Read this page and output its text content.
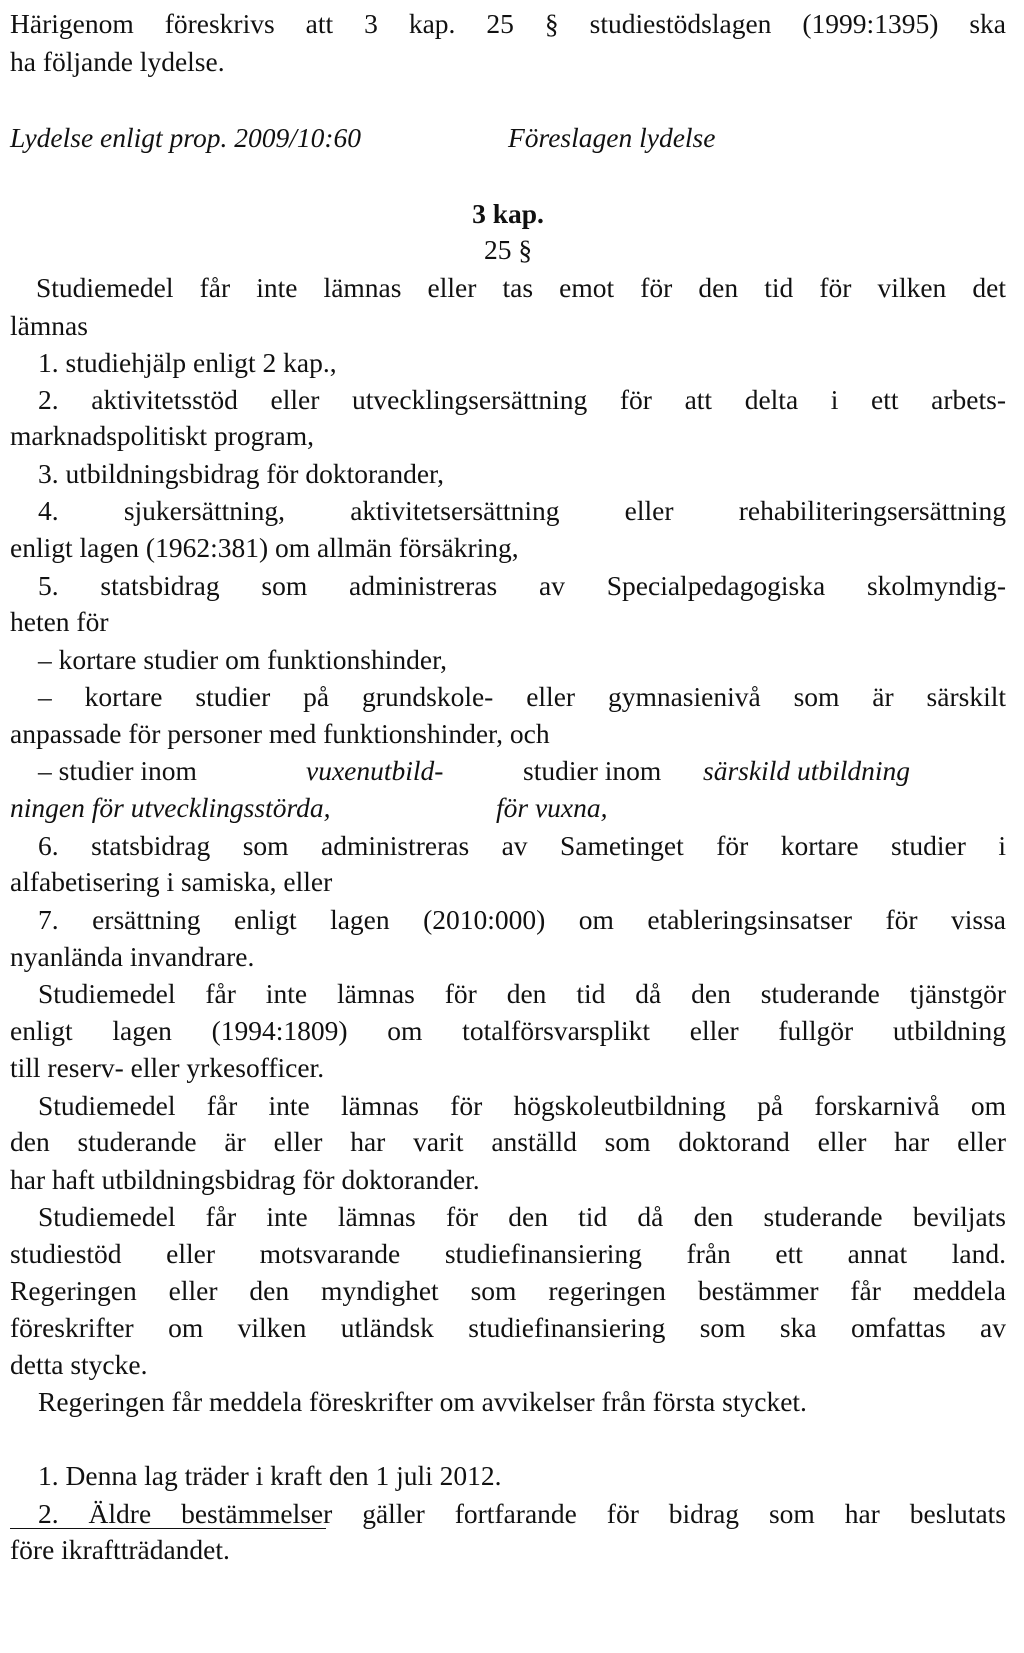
Härigenom föreskrivs att 3 kap. 25 § studiestödslagen (1999:1395) ska
ha följande lydelse.
Lydelse enligt prop. 2009/10:60	Föreslagen lydelse
3 kap.
25 §
Studiemedel får inte lämnas eller tas emot för den tid för vilken det
lämnas
1. studiehjälp enligt 2 kap.,
2. aktivitetsstöd eller utvecklingsersättning för att delta i ett arbets-
marknadspolitiskt program,
3. utbildningsbidrag för doktorander,
4. sjukersättning, aktivitetsersättning eller rehabiliteringsersättning
enligt lagen (1962:381) om allmän försäkring,
5. statsbidrag som administreras av Specialpedagogiska skolmyndig-
heten för
– kortare studier om funktionshinder,
– kortare studier på grundskole- eller gymnasienivå som är särskilt
anpassade för personer med funktionshinder, och
– studier inom	vuxenutbild-	studier inom särskild utbildning
ningen för utvecklingsstörda,	för vuxna,
6. statsbidrag som administreras av Sametinget för kortare studier i
alfabetisering i samiska, eller
7. ersättning enligt lagen (2010:000) om etableringsinsatser för vissa
nyanlända invandrare.
Studiemedel får inte lämnas för den tid då den studerande tjänstgör
enligt lagen (1994:1809) om totalförsvarsplikt eller fullgör utbildning
till reserv- eller yrkesofficer.
Studiemedel får inte lämnas för högskoleutbildning på forskarnivå om
den studerande är eller har varit anställd som doktorand eller har eller
har haft utbildningsbidrag för doktorander.
Studiemedel får inte lämnas för den tid då den studerande beviljats
studiestöd eller motsvarande studiefinansiering från ett annat land.
Regeringen eller den myndighet som regeringen bestämmer får meddela
föreskrifter om vilken utländsk studiefinansiering som ska omfattas av
detta stycke.
Regeringen får meddela föreskrifter om avvikelser från första stycket.
1. Denna lag träder i kraft den 1 juli 2012.
2. Äldre bestämmelser gäller fortfarande för bidrag som har beslutats
före ikraftträdandet.
